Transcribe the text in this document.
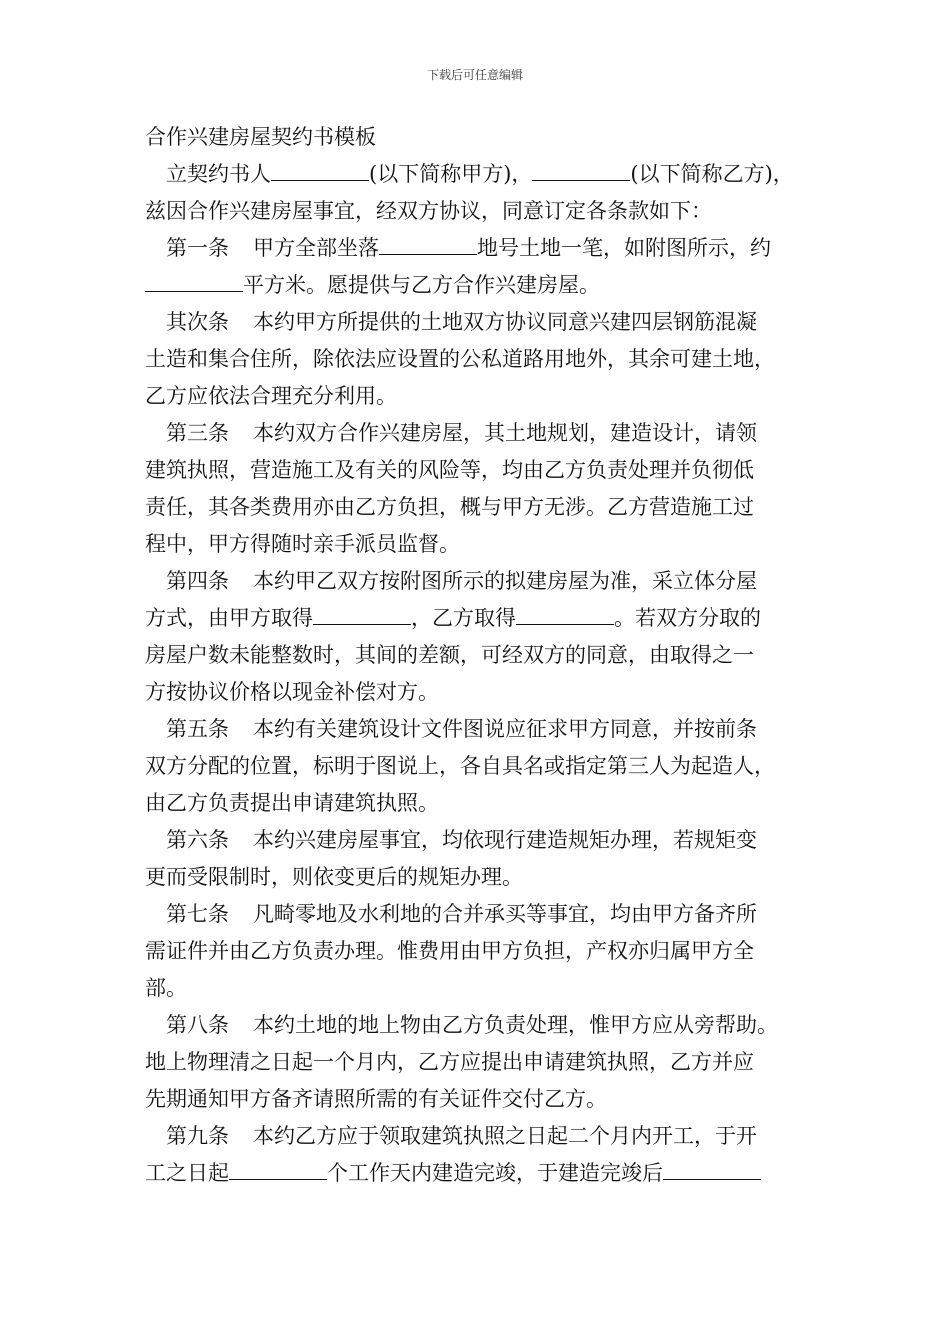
下载后可任意编辑
合作兴建房屋契约书模板
立契约书人	(以下简称甲方)，	(以下简称乙方)，
兹因合作兴建房屋事宜，经双方协议，同意订定各条款如下：
第一条 甲方全部坐落	地号土地一笔，如附图所示，约
平方米。愿提供与乙方合作兴建房屋。
其次条 本约甲方所提供的土地双方协议同意兴建四层钢筋混凝
土造和集合住所，除依法应设置的公私道路用地外，其余可建土地，
乙方应依法合理充分利用。
第三条 本约双方合作兴建房屋，其土地规划，建造设计，请领
建筑执照，营造施工及有关的风险等，均由乙方负责处理并负彻低
责任，其各类费用亦由乙方负担，概与甲方无涉。乙方营造施工过
程中，甲方得随时亲手派员监督。
第四条 本约甲乙双方按附图所示的拟建房屋为准，采立体分屋
方式，由甲方取得	，乙方取得	。若双方分取的
房屋户数未能整数时，其间的差额，可经双方的同意，由取得之一
方按协议价格以现金补偿对方。
第五条 本约有关建筑设计文件图说应征求甲方同意，并按前条
双方分配的位置，标明于图说上，各自具名或指定第三人为起造人，
由乙方负责提出申请建筑执照。
第六条 本约兴建房屋事宜，均依现行建造规矩办理，若规矩变
更而受限制时，则依变更后的规矩办理。
第七条 凡畸零地及水利地的合并承买等事宜，均由甲方备齐所
需证件并由乙方负责办理。惟费用由甲方负担，产权亦归属甲方全
部。
第八条 本约土地的地上物由乙方负责处理，惟甲方应从旁帮助。
地上物理清之日起一个月内，乙方应提出申请建筑执照，乙方并应
先期通知甲方备齐请照所需的有关证件交付乙方。
第九条 本约乙方应于领取建筑执照之日起二个月内开工，于开
工之日起	个工作天内建造完竣，于建造完竣后
